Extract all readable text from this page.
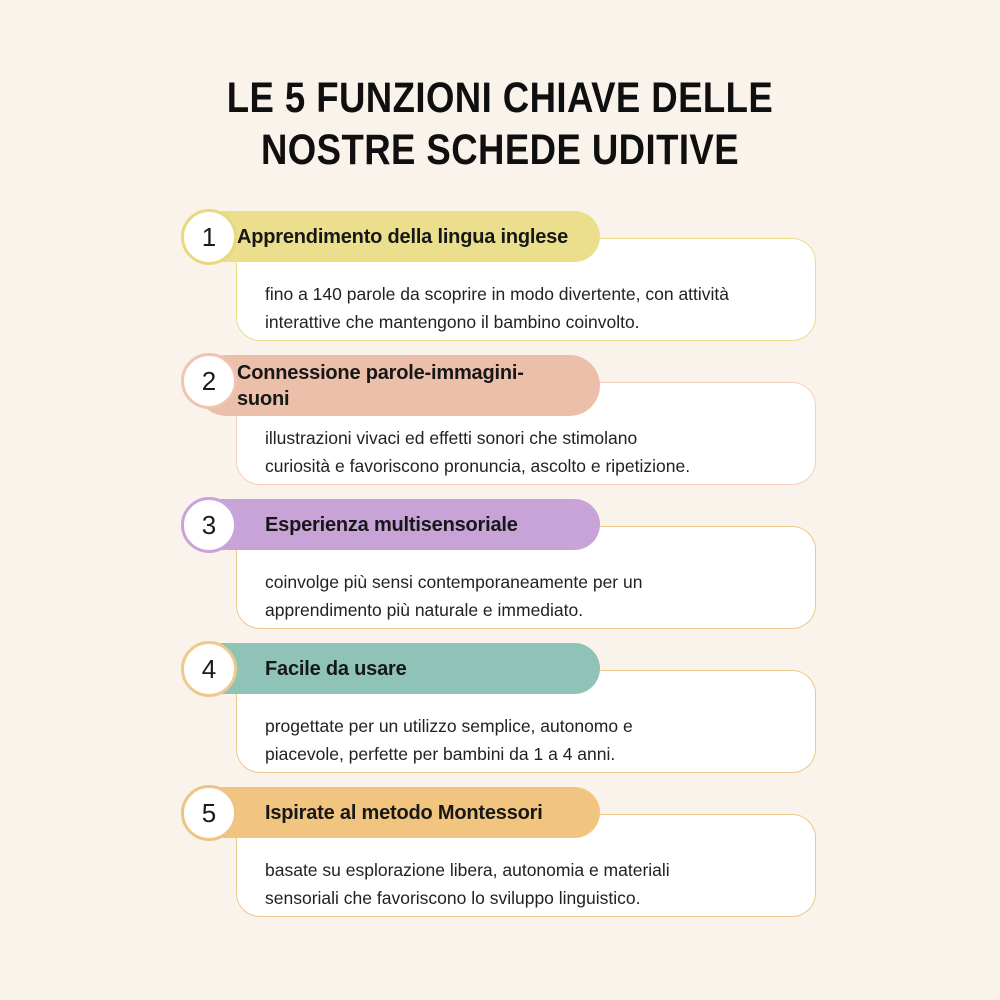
LE 5 FUNZIONI CHIAVE DELLE
NOSTRE SCHEDE UDITIVE

fino a 140 parole da scoprire in modo divertente, con attività
interattive che mantengono il bambino coinvolto.

Apprendimento della lingua inglese
1

illustrazioni vivaci ed effetti sonori che stimolano
curiosità e favoriscono pronuncia, ascolto e ripetizione.

Connessione parole-immagini-
suoni
2

coinvolge più sensi contemporaneamente per un
apprendimento più naturale e immediato.

Esperienza multisensoriale
3

progettate per un utilizzo semplice, autonomo e
piacevole, perfette per bambini da 1 a 4 anni.

Facile da usare
4

basate su esplorazione libera, autonomia e materiali
sensoriali che favoriscono lo sviluppo linguistico.

Ispirate al metodo Montessori
5
